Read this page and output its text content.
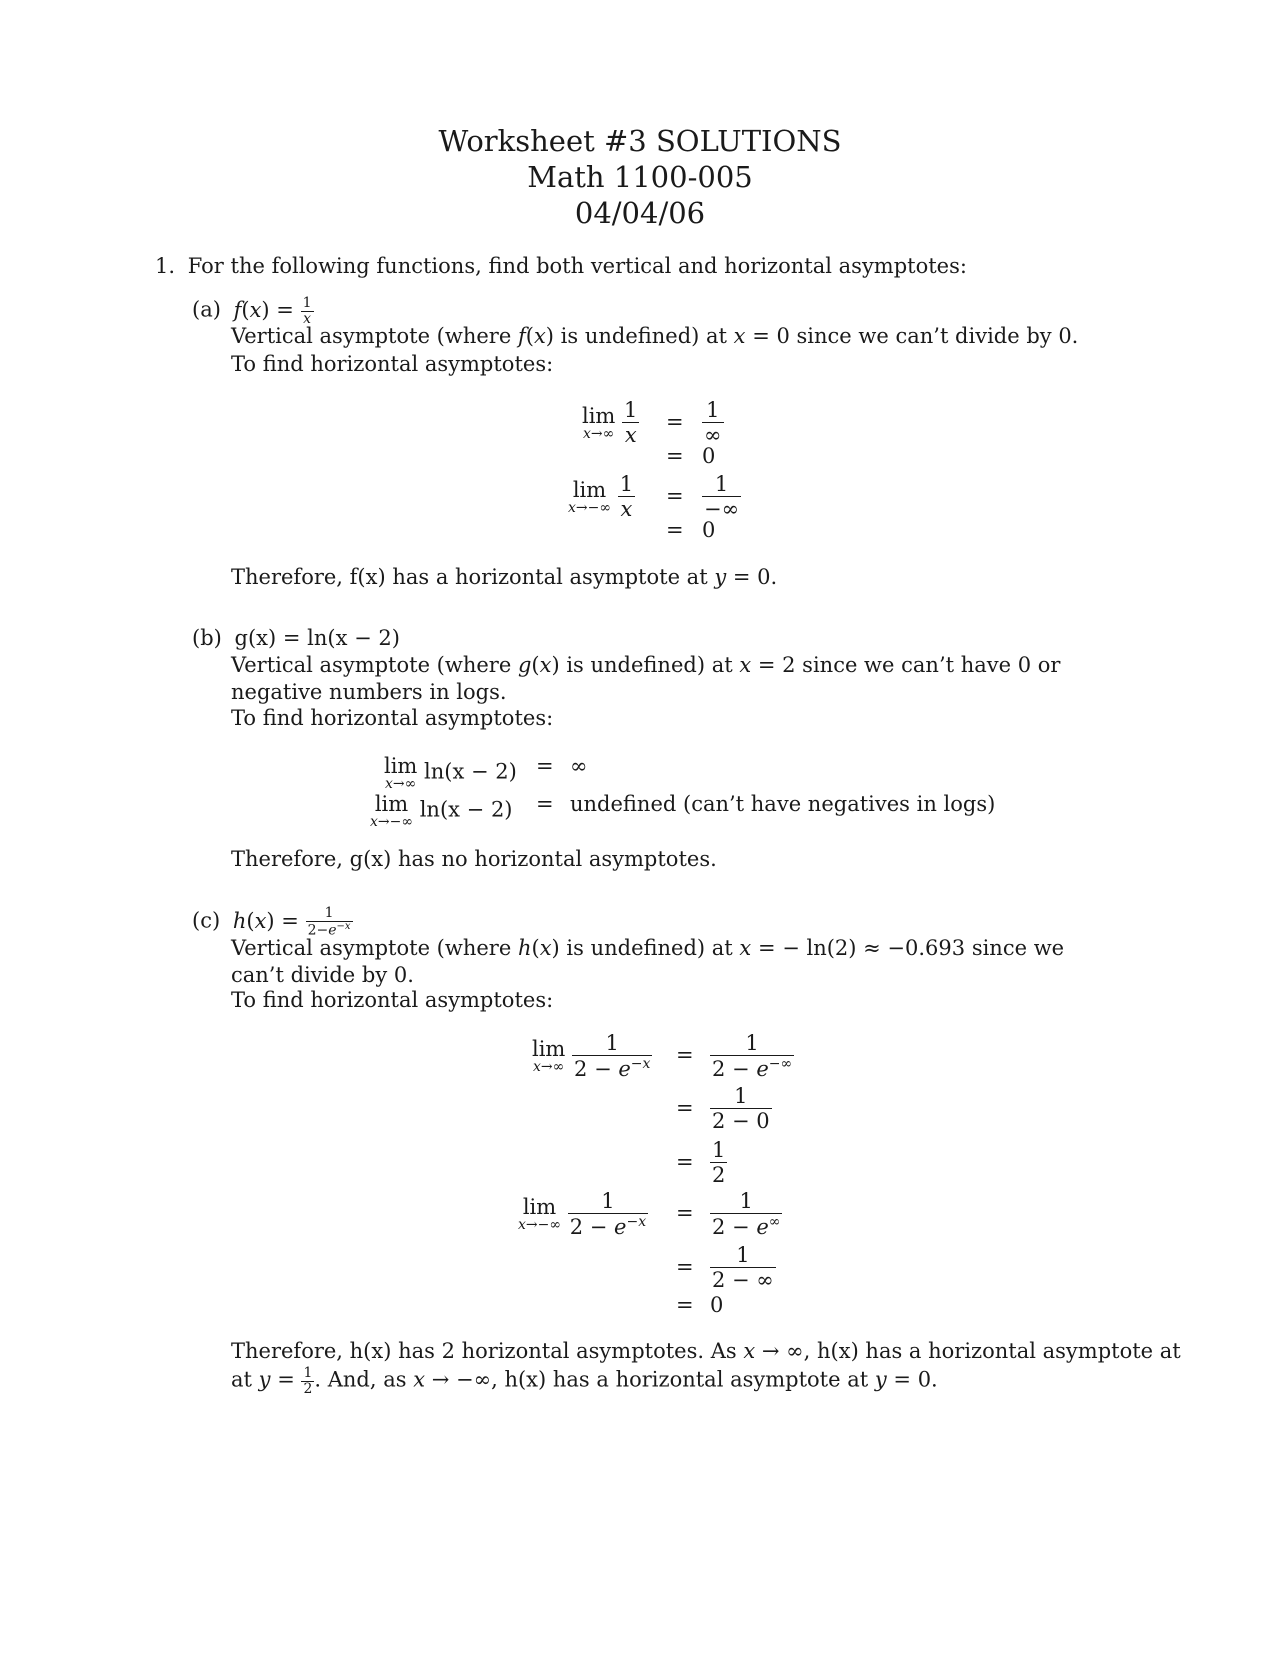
Worksheet #3 SOLUTIONS
Math 1100-005
04/04/06
1. For the following functions, find both vertical and horizontal asymptotes:
(a) $f(x) = \frac{1}{x}$
Vertical asymptote (where f(x) is undefined) at x = 0 since we can’t divide by 0.
To find horizontal asymptotes:
lim
x→∞
$\frac{1}{x} = \frac{1}{\infty}$
= 0
lim
x→−∞
$\frac{1}{x} = \frac{1}{-\infty}$
= 0
Therefore, f(x) has a horizontal asymptote at y = 0.
(b) g(x) = ln(x − 2)
Vertical asymptote (where g(x) is undefined) at x = 2 since we can’t have 0 or negative numbers in logs.
To find horizontal asymptotes:
lim
x→∞
ln(x − 2) = ∞
lim
x→−∞
ln(x − 2) = undefined (can’t have negatives in logs)
Therefore, g(x) has no horizontal asymptotes.
(c) $h(x) = \frac{1}{2-e^{-x}}$
Vertical asymptote (where h(x) is undefined) at x = − ln(2) ≈ −0.693 since we can’t divide by 0.
To find horizontal asymptotes:
lim
x→∞
$\frac{1}{2 - e^{-x}} = \frac{1}{2 - e^{-\infty}}$
= $\frac{1}{2 - 0}$
= $\frac{1}{2}$
lim
x→−∞
$\frac{1}{2 - e^{-x}} = \frac{1}{2 - e^\infty}$
= $\frac{1}{2 - \infty}$
= 0
Therefore, h(x) has 2 horizontal asymptotes. As x → ∞, h(x) has a horizontal asymptote at
at $y = \frac{1}{2}$ . And, as x → −∞, h(x) has a horizontal asymptote at y = 0.
